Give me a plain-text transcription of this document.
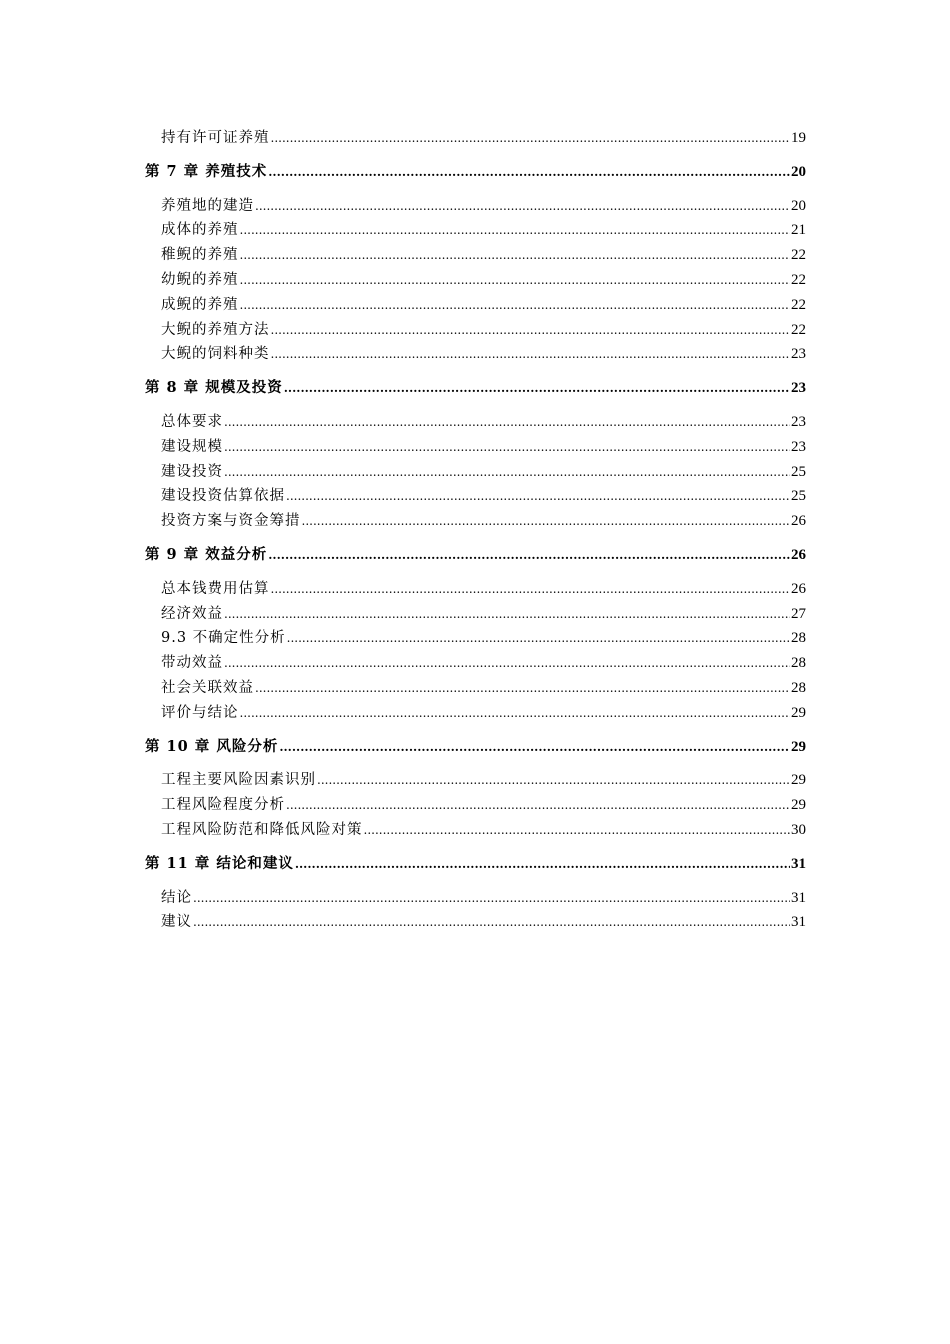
持有许可证养殖 .....	19
第 7 章 养殖技术 .....	20
养殖地的建造 .....	20
成体的养殖 .....	21
稚鲵的养殖 .....	22
幼鲵的养殖 .....	22
成鲵的养殖 .....	22
大鲵的养殖方法 .....	22
大鲵的饲料种类 .....	23
第 8 章 规模及投资 .....	23
总体要求 .....	23
建设规模 .....	23
建设投资 .....	25
建设投资估算依据 .....	25
投资方案与资金筹措 .....	26
第 9 章 效益分析 .....	26
总本钱费用估算 .....	26
经济效益 .....	27
9.3 不确定性分析 .....	28
带动效益 .....	28
社会关联效益 .....	28
评价与结论 .....	29
第 10 章 风险分析 .....	29
工程主要风险因素识别 .....	29
工程风险程度分析 .....	29
工程风险防范和降低风险对策 .....	30
第 11 章 结论和建议 .....	31
结论 .....	31
建议 .....	31
